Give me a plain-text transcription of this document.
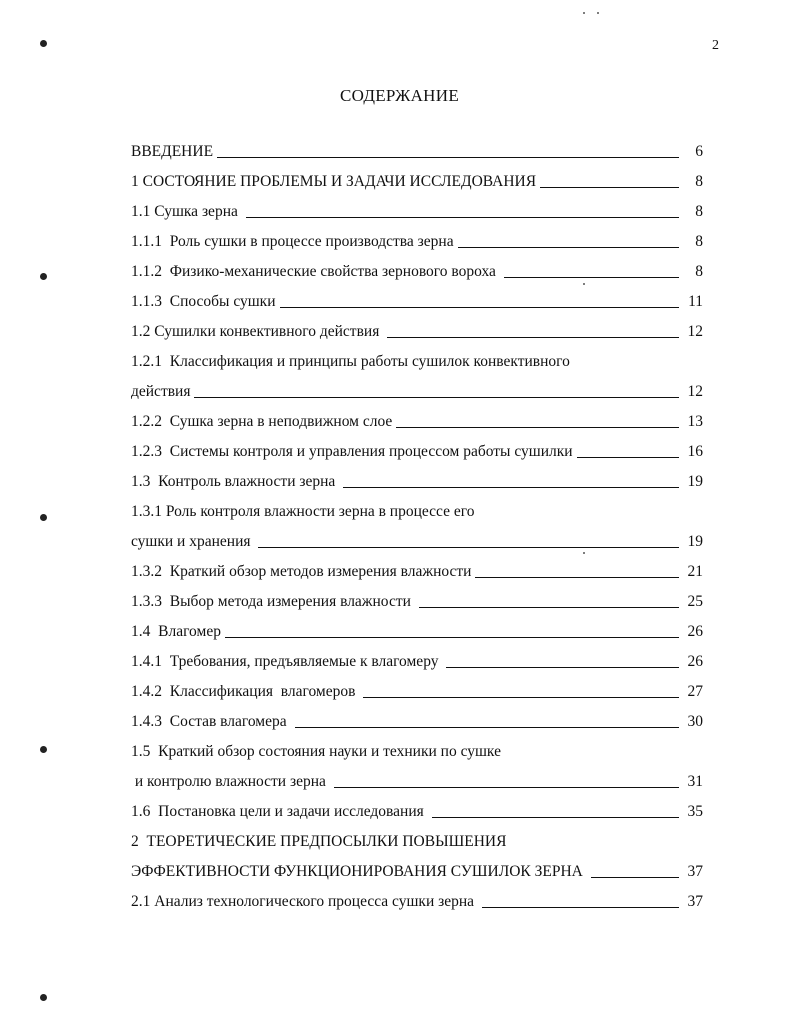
2
СОДЕРЖАНИЕ
ВВЕДЕНИЕ	6
1 СОСТОЯНИЕ ПРОБЛЕМЫ И ЗАДАЧИ ИССЛЕДОВАНИЯ	8
1.1 Сушка зерна	8
1.1.1  Роль сушки в процессе производства зерна	8
1.1.2  Физико-механические свойства зернового вороха	8
1.1.3  Способы сушки	11
1.2 Сушилки конвективного действия	12
1.2.1  Классификация и принципы работы сушилок конвективного
действия	12
1.2.2  Сушка зерна в неподвижном слое	13
1.2.3  Системы контроля и управления процессом работы сушилки	16
1.3  Контроль влажности зерна	19
1.3.1 Роль контроля влажности зерна в процессе его
сушки и хранения	19
1.3.2  Краткий обзор методов измерения влажности	21
1.3.3  Выбор метода измерения влажности	25
1.4  Влагомер	26
1.4.1  Требования, предъявляемые к влагомеру	26
1.4.2  Классификация  влагомеров	27
1.4.3  Состав влагомера	30
1.5  Краткий обзор состояния науки и техники по сушке
и контролю влажности зерна	31
1.6  Постановка цели и задачи исследования	35
2  ТЕОРЕТИЧЕСКИЕ ПРЕДПОСЫЛКИ ПОВЫШЕНИЯ
ЭФФЕКТИВНОСТИ ФУНКЦИОНИРОВАНИЯ СУШИЛОК ЗЕРНА	37
2.1 Анализ технологического процесса сушки зерна	37
